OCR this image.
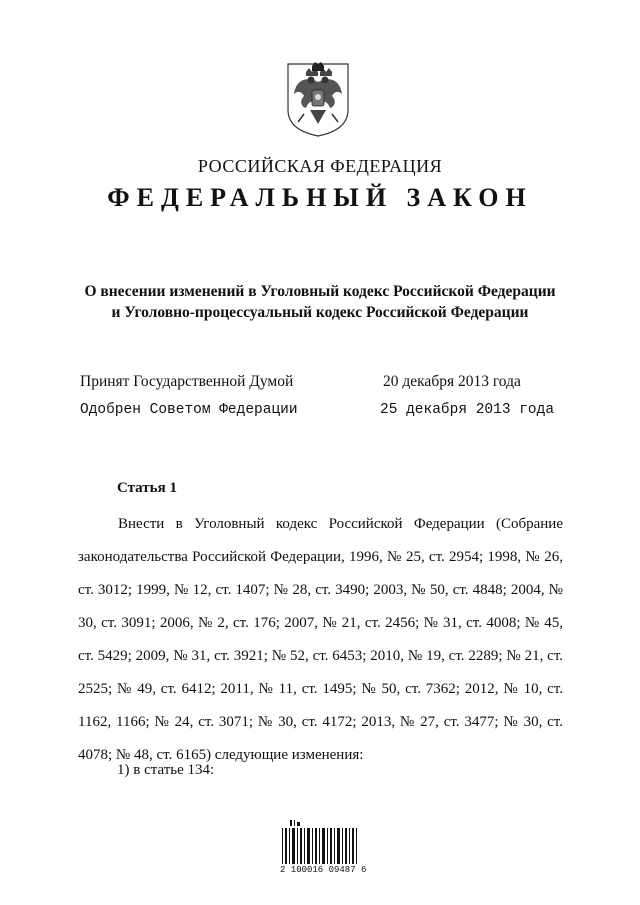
РОССИЙСКАЯ ФЕДЕРАЦИЯ
ФЕДЕРАЛЬНЫЙ ЗАКОН
О внесении изменений в Уголовный кодекс Российской Федерации
и Уголовно-процессуальный кодекс Российской Федерации
Принят Государственной Думой	20 декабря 2013 года
Одобрен Советом Федерации	25 декабря 2013 года
Статья 1
Внести в Уголовный кодекс Российской Федерации (Собрание законодательства Российской Федерации, 1996, № 25, ст. 2954; 1998, № 26, ст. 3012; 1999, № 12, ст. 1407; № 28, ст. 3490; 2003, № 50, ст. 4848; 2004, № 30, ст. 3091; 2006, № 2, ст. 176; 2007, № 21, ст. 2456; № 31, ст. 4008; № 45, ст. 5429; 2009, № 31, ст. 3921; № 52, ст. 6453; 2010, № 19, ст. 2289; № 21, ст. 2525; № 49, ст. 6412; 2011, № 11, ст. 1495; № 50, ст. 7362; 2012, № 10, ст. 1162, 1166; № 24, ст. 3071; № 30, ст. 4172; 2013, № 27, ст. 3477; № 30, ст. 4078; № 48, ст. 6165) следующие изменения:
1) в статье 134:
2 100016 09487 6
